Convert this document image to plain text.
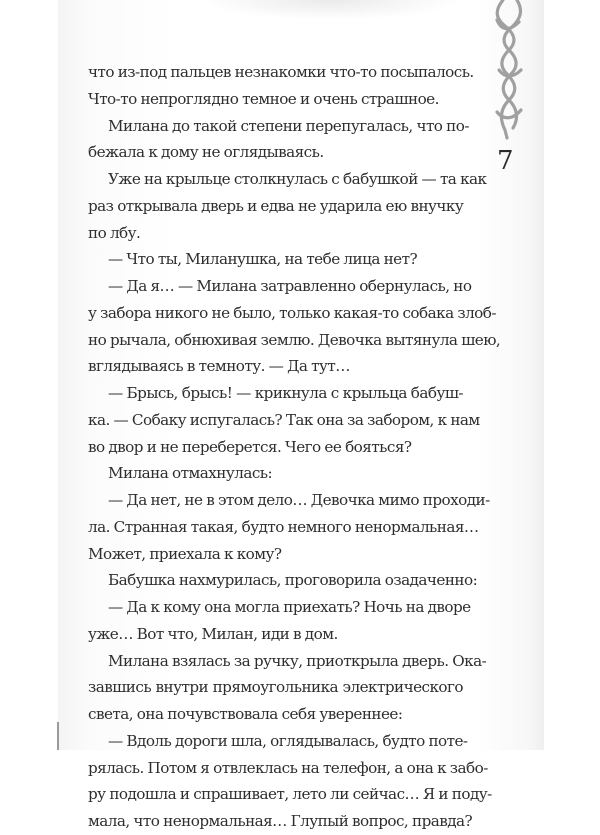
7
что из-под пальцев незнакомки что-то посыпалось.
Что-то непроглядно темное и очень страшное.
Милана до такой степени перепугалась, что по-
бежала к дому не оглядываясь.
Уже на крыльце столкнулась с бабушкой — та как
раз открывала дверь и едва не ударила ею внучку
по лбу.
— Что ты, Миланушка, на тебе лица нет?
— Да я… — Милана затравленно обернулась, но
у забора никого не было, только какая-то собака злоб-
но рычала, обнюхивая землю. Девочка вытянула шею,
вглядываясь в темноту. — Да тут…
— Брысь, брысь! — крикнула с крыльца бабуш-
ка. — Собаку испугалась? Так она за забором, к нам
во двор и не переберется. Чего ее бояться?
Милана отмахнулась:
— Да нет, не в этом дело… Девочка мимо проходи-
ла. Странная такая, будто немного ненормальная…
Может, приехала к кому?
Бабушка нахмурилась, проговорила озадаченно:
— Да к кому она могла приехать? Ночь на дворе
уже… Вот что, Милан, иди в дом.
Милана взялась за ручку, приоткрыла дверь. Ока-
завшись внутри прямоугольника электрического
света, она почувствовала себя увереннее:
— Вдоль дороги шла, оглядывалась, будто поте-
рялась. Потом я отвлеклась на телефон, а она к забо-
ру подошла и спрашивает, лето ли сейчас… Я и поду-
мала, что ненормальная… Глупый вопрос, правда?
